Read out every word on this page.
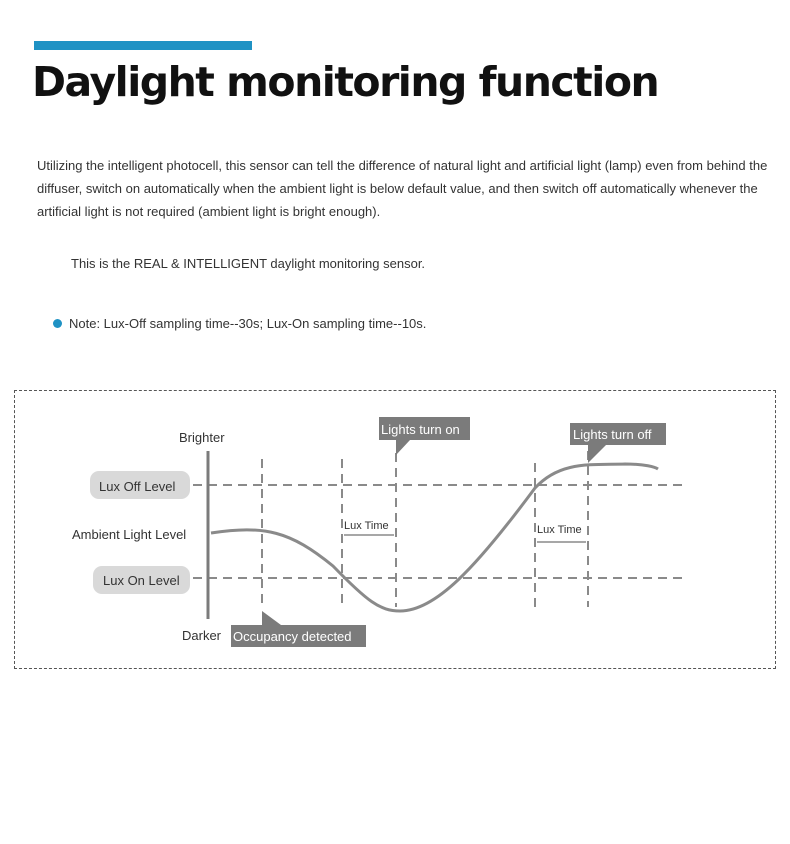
Daylight monitoring function

Utilizing the intelligent photocell, this sensor can tell the difference of natural light and artificial light (lamp) even from behind the diffuser, switch on automatically when the ambient light is below default value, and then switch off automatically whenever the artificial light is not required (ambient light is bright enough).

This is the REAL & INTELLIGENT daylight monitoring sensor.

Note: Lux-Off sampling time--30s; Lux-On sampling time--10s.
Lux Time	Lux Time
Brighter
Darker
Ambient Light Level
Lux Off Level
Lux On Level
Lights turn on	Lights turn off
Occupancy detected
